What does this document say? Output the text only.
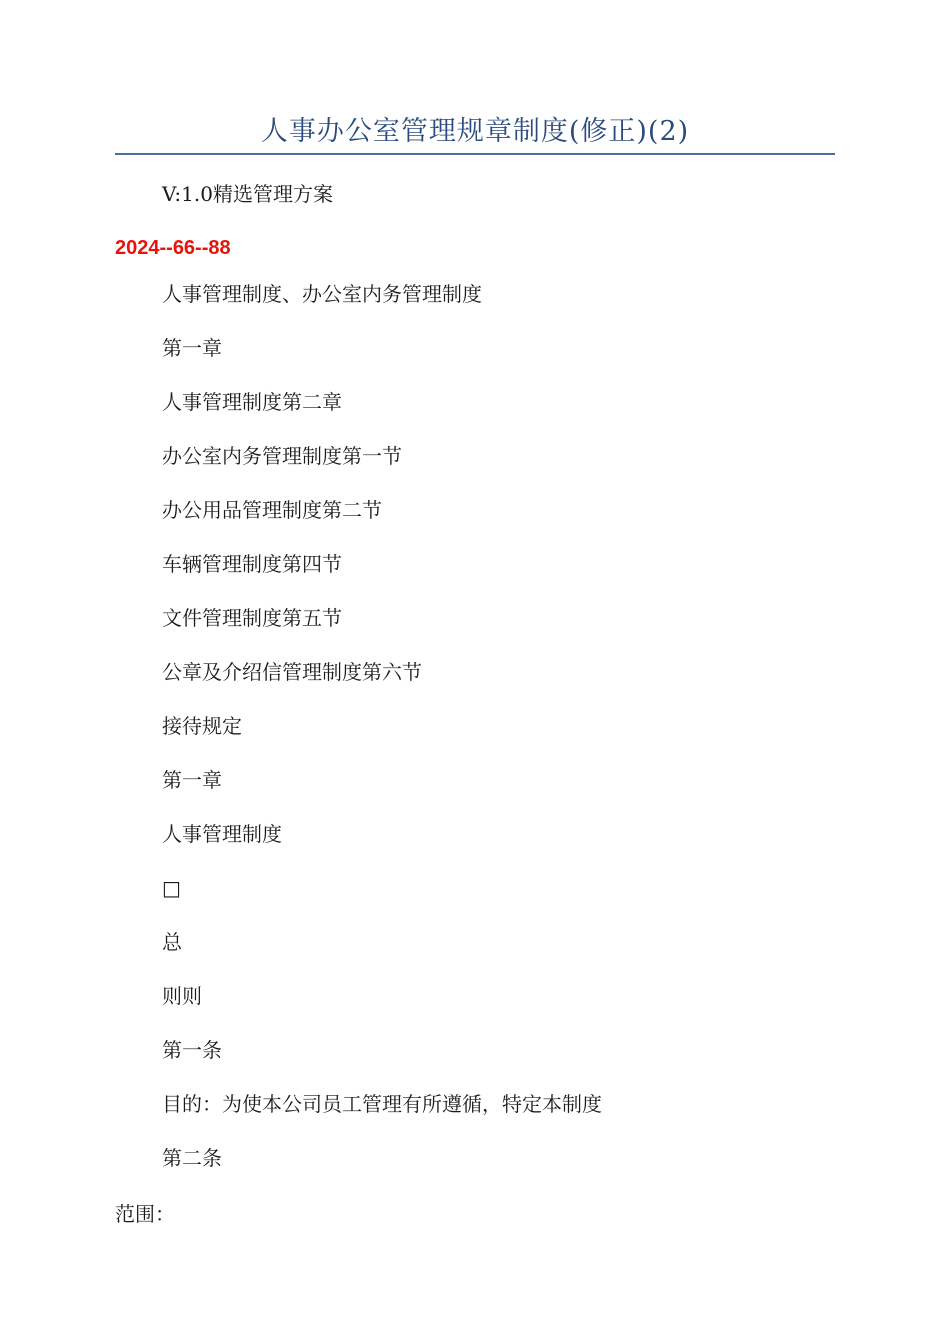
人事办公室管理规章制度(修正)(2)
V:1.0精选管理方案
2024--66--88
人事管理制度、办公室内务管理制度
第一章
人事管理制度第二章
办公室内务管理制度第一节
办公用品管理制度第二节
车辆管理制度第四节
文件管理制度第五节
公章及介绍信管理制度第六节
接待规定
第一章
人事管理制度
□
总
则则
第一条
目的：为使本公司员工管理有所遵循，特定本制度
第二条
范围：
